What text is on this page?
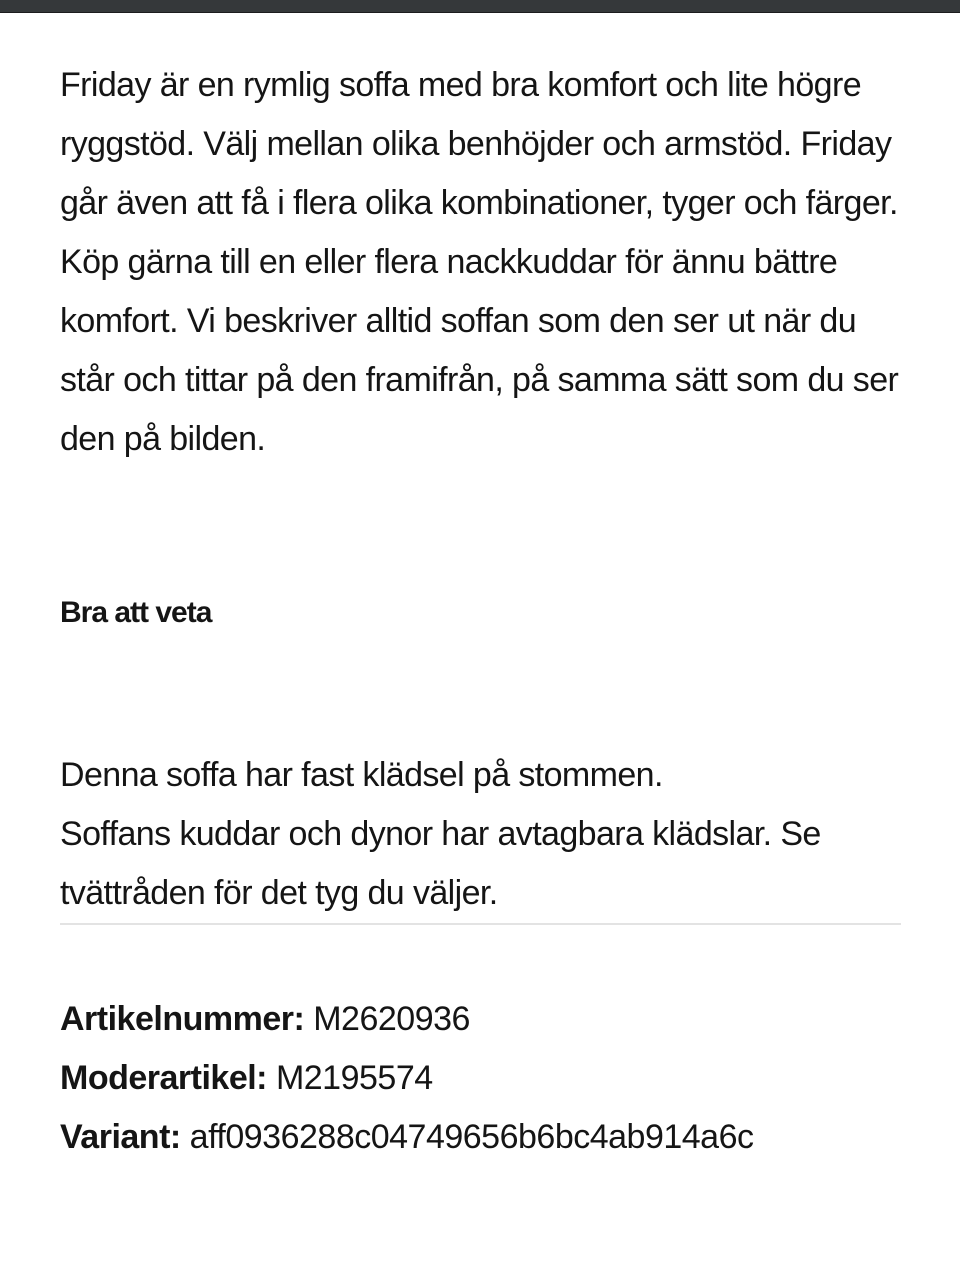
Friday är en rymlig soffa med bra komfort och lite högre ryggstöd. Välj mellan olika benhöjder och armstöd. Friday går även att få i flera olika kombinationer, tyger och färger. Köp gärna till en eller flera nackkuddar för ännu bättre komfort. Vi beskriver alltid soffan som den ser ut när du står och tittar på den framifrån, på samma sätt som du ser den på bilden.

Bra att veta
Denna soffa har fast klädsel på stommen.
Soffans kuddar och dynor har avtagbara klädslar. Se tvättråden för det tyg du väljer.
Artikelnummer: M2620936
Moderartikel: M2195574
Variant: aff0936288c04749656b6bc4ab914a6c
